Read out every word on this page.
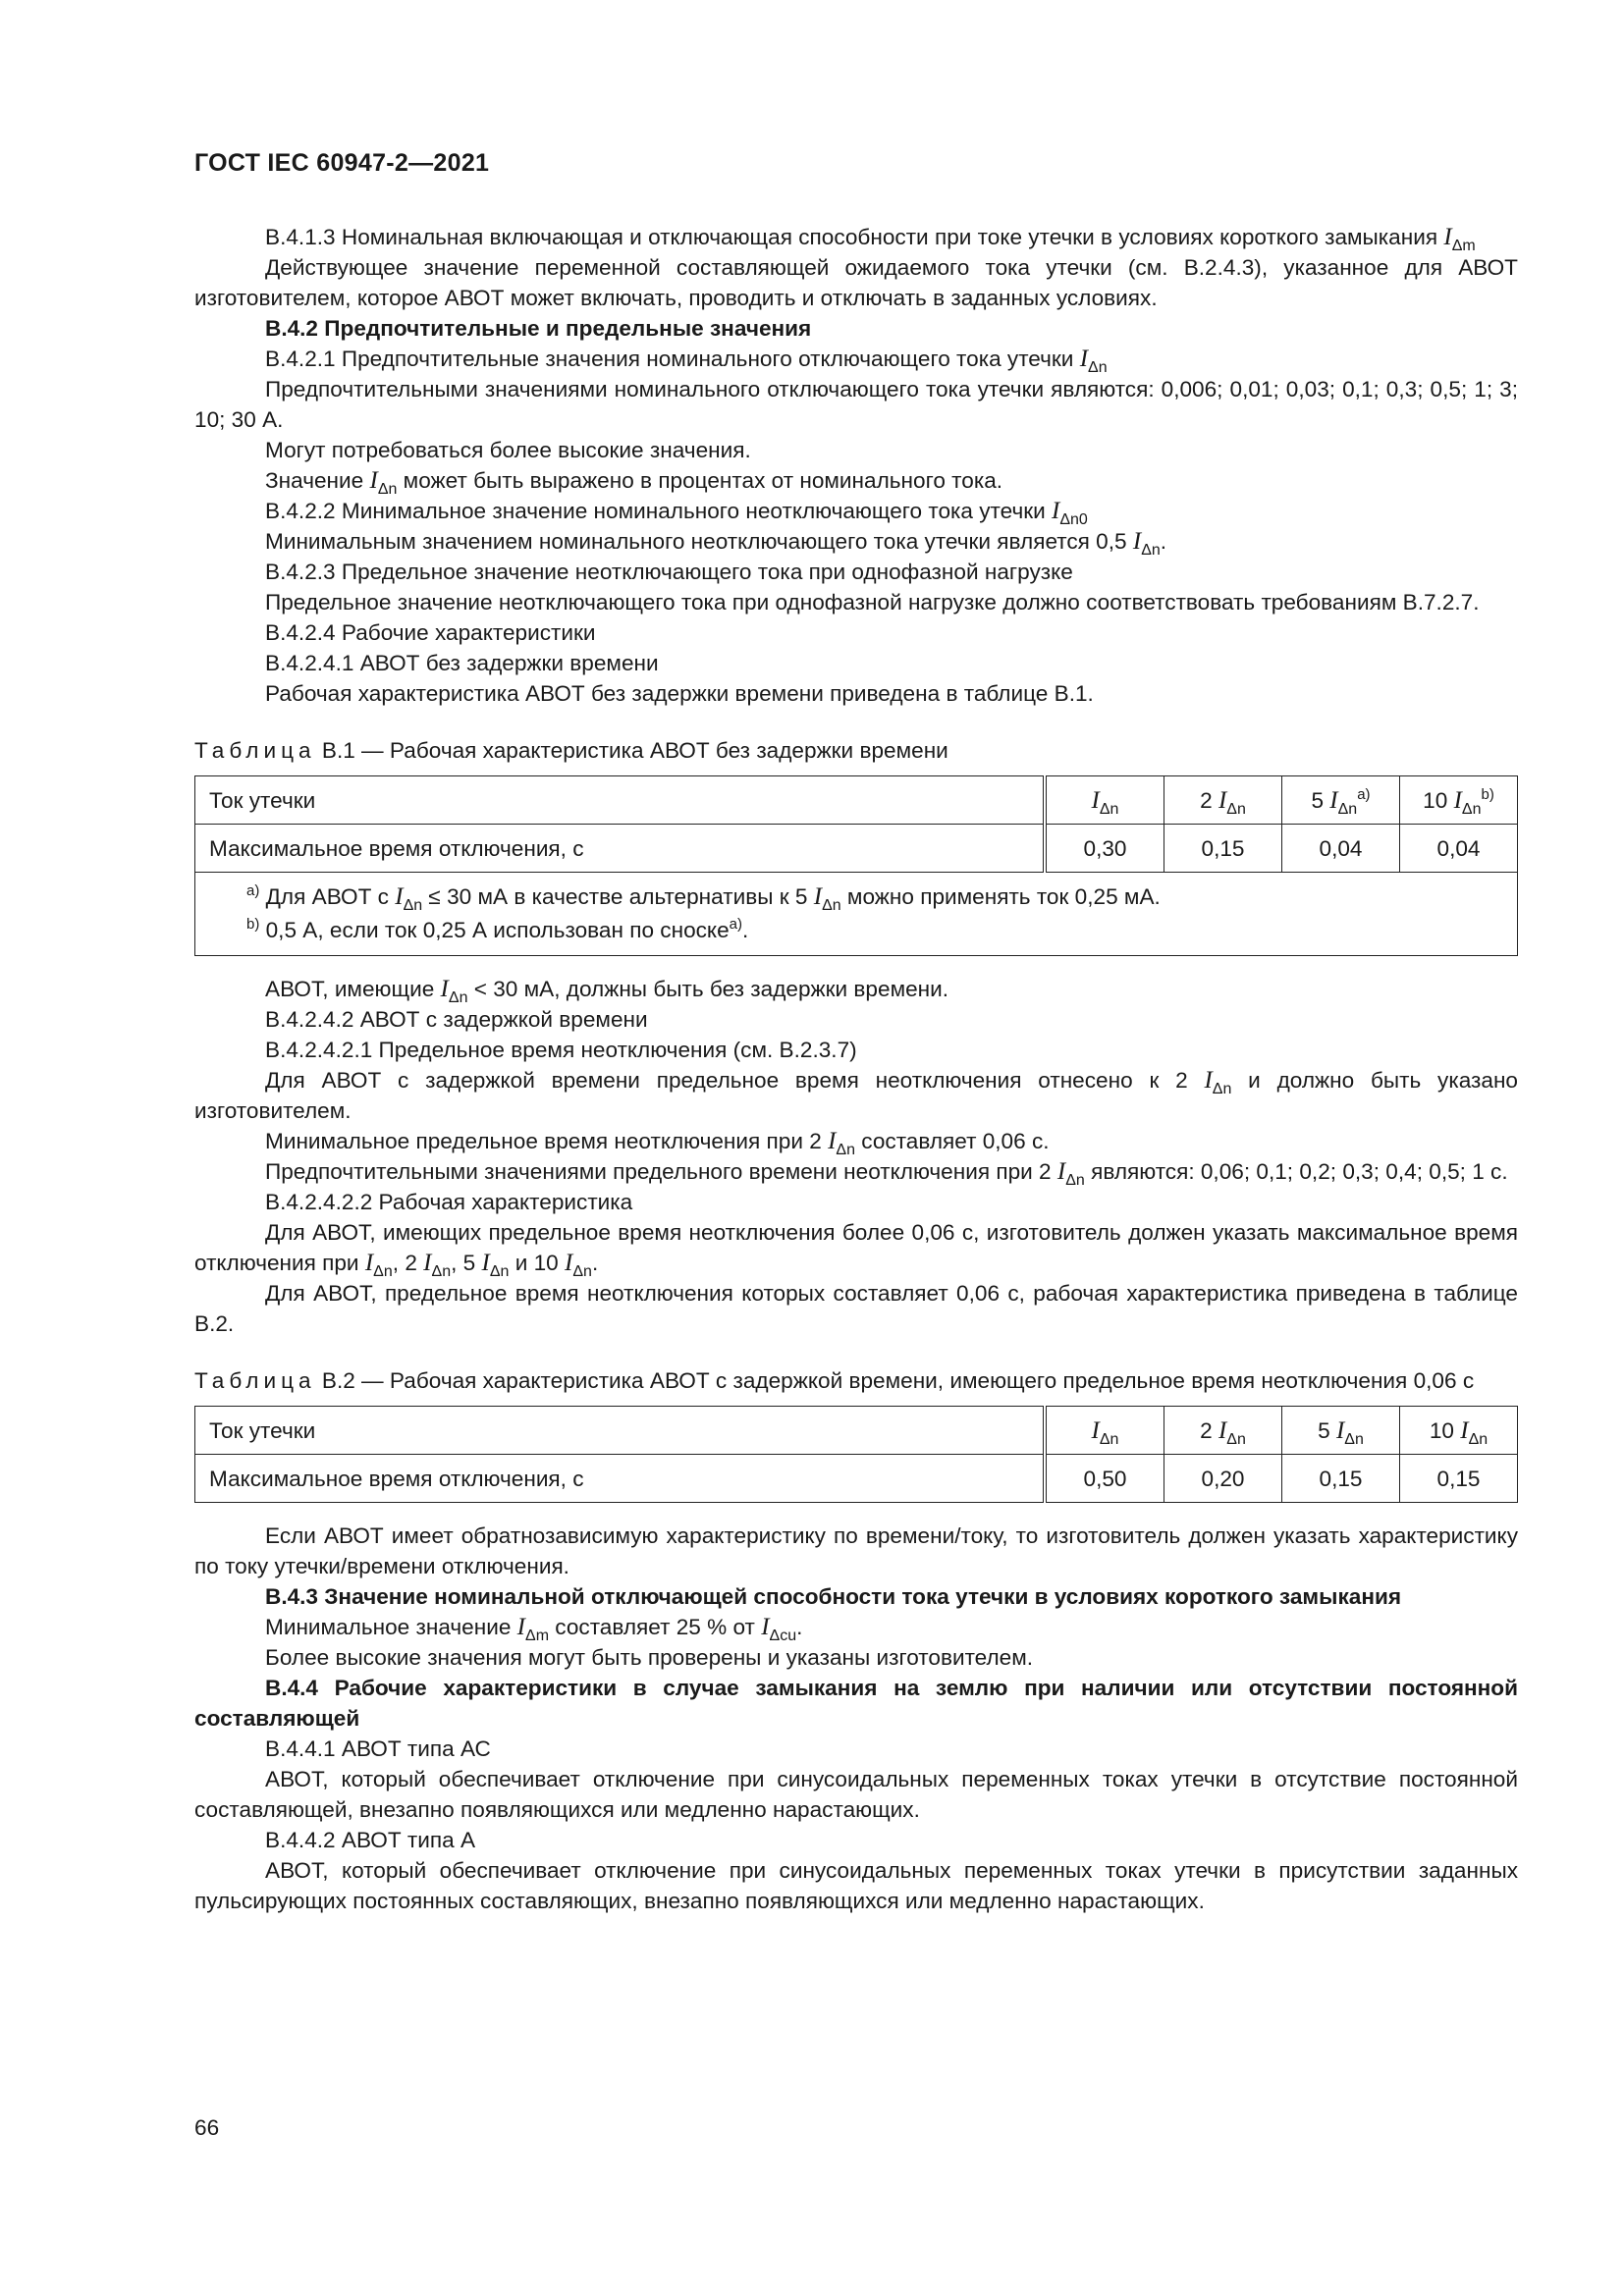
ГОСТ IEC 60947-2—2021

В.4.1.3 Номинальная включающая и отключающая способности при токе утечки в условиях короткого замыкания $I_{\Delta m}$

Действующее значение переменной составляющей ожидаемого тока утечки (см. В.2.4.3), указанное для АВОТ изготовителем, которое АВОТ может включать, проводить и отключать в заданных условиях.

В.4.2 Предпочтительные и предельные значения

В.4.2.1 Предпочтительные значения номинального отключающего тока утечки $I_{\Delta n}$

Предпочтительными значениями номинального отключающего тока утечки являются: 0,006; 0,01; 0,03; 0,1; 0,3; 0,5; 1; 3; 10; 30 А.

Могут потребоваться более высокие значения.

Значение $I_{\Delta n}$ может быть выражено в процентах от номинального тока.

В.4.2.2 Минимальное значение номинального неотключающего тока утечки $I_{\Delta n0}$

Минимальным значением номинального неотключающего тока утечки является 0,5 $I_{\Delta n}$.

В.4.2.3 Предельное значение неотключающего тока при однофазной нагрузке

Предельное значение неотключающего тока при однофазной нагрузке должно соответствовать требованиям В.7.2.7.

В.4.2.4 Рабочие характеристики

В.4.2.4.1 АВОТ без задержки времени

Рабочая характеристика АВОТ без задержки времени приведена в таблице В.1.

Таблица В.1 — Рабочая характеристика АВОТ без задержки времени

Ток утечки	$I_{\Delta n}$	2 $I_{\Delta n}$	5 $I_{\Delta n}^{a)}$	10 $I_{\Delta n}^{b)}$
Максимальное время отключения, с	0,30	0,15	0,04	0,04

$^{a)}$ Для АВОТ с $I_{\Delta n} \le 30$ мА в качестве альтернативы к 5 $I_{\Delta n}$ можно применять ток 0,25 мА.
$^{b)}$ 0,5 А, если ток 0,25 А использован по сноске$^{a)}$.				

АВОТ, имеющие $I_{\Delta n} < 30$ мА, должны быть без задержки времени.

В.4.2.4.2 АВОТ с задержкой времени

В.4.2.4.2.1 Предельное время неотключения (см. В.2.3.7)

Для АВОТ с задержкой времени предельное время неотключения отнесено к 2 $I_{\Delta n}$ и должно быть указано изготовителем.

Минимальное предельное время неотключения при 2 $I_{\Delta n}$ составляет 0,06 с.

Предпочтительными значениями предельного времени неотключения при 2 $I_{\Delta n}$ являются: 0,06; 0,1; 0,2; 0,3; 0,4; 0,5; 1 с.

В.4.2.4.2.2 Рабочая характеристика

Для АВОТ, имеющих предельное время неотключения более 0,06 с, изготовитель должен указать максимальное время отключения при $I_{\Delta n}$, 2 $I_{\Delta n}$, 5 $I_{\Delta n}$ и 10 $I_{\Delta n}$.

Для АВОТ, предельное время неотключения которых составляет 0,06 с, рабочая характеристика приведена в таблице В.2.

Таблица В.2 — Рабочая характеристика АВОТ с задержкой времени, имеющего предельное время неотключения 0,06 с

Ток утечки	$I_{\Delta n}$	2 $I_{\Delta n}$	5 $I_{\Delta n}$	10 $I_{\Delta n}$
Максимальное время отключения, с	0,50	0,20	0,15	0,15

Если АВОТ имеет обратнозависимую характеристику по времени/току, то изготовитель должен указать характеристику по току утечки/времени отключения.

В.4.3 Значение номинальной отключающей способности тока утечки в условиях короткого замыкания

Минимальное значение $I_{\Delta m}$ составляет 25 % от $I_{\Delta cu}$.

Более высокие значения могут быть проверены и указаны изготовителем.

В.4.4 Рабочие характеристики в случае замыкания на землю при наличии или отсутствии постоянной составляющей

В.4.4.1 АВОТ типа АС

АВОТ, который обеспечивает отключение при синусоидальных переменных токах утечки в отсутствие постоянной составляющей, внезапно появляющихся или медленно нарастающих.

В.4.4.2 АВОТ типа А

АВОТ, который обеспечивает отключение при синусоидальных переменных токах утечки в присутствии заданных пульсирующих постоянных составляющих, внезапно появляющихся или медленно нарастающих.

66
